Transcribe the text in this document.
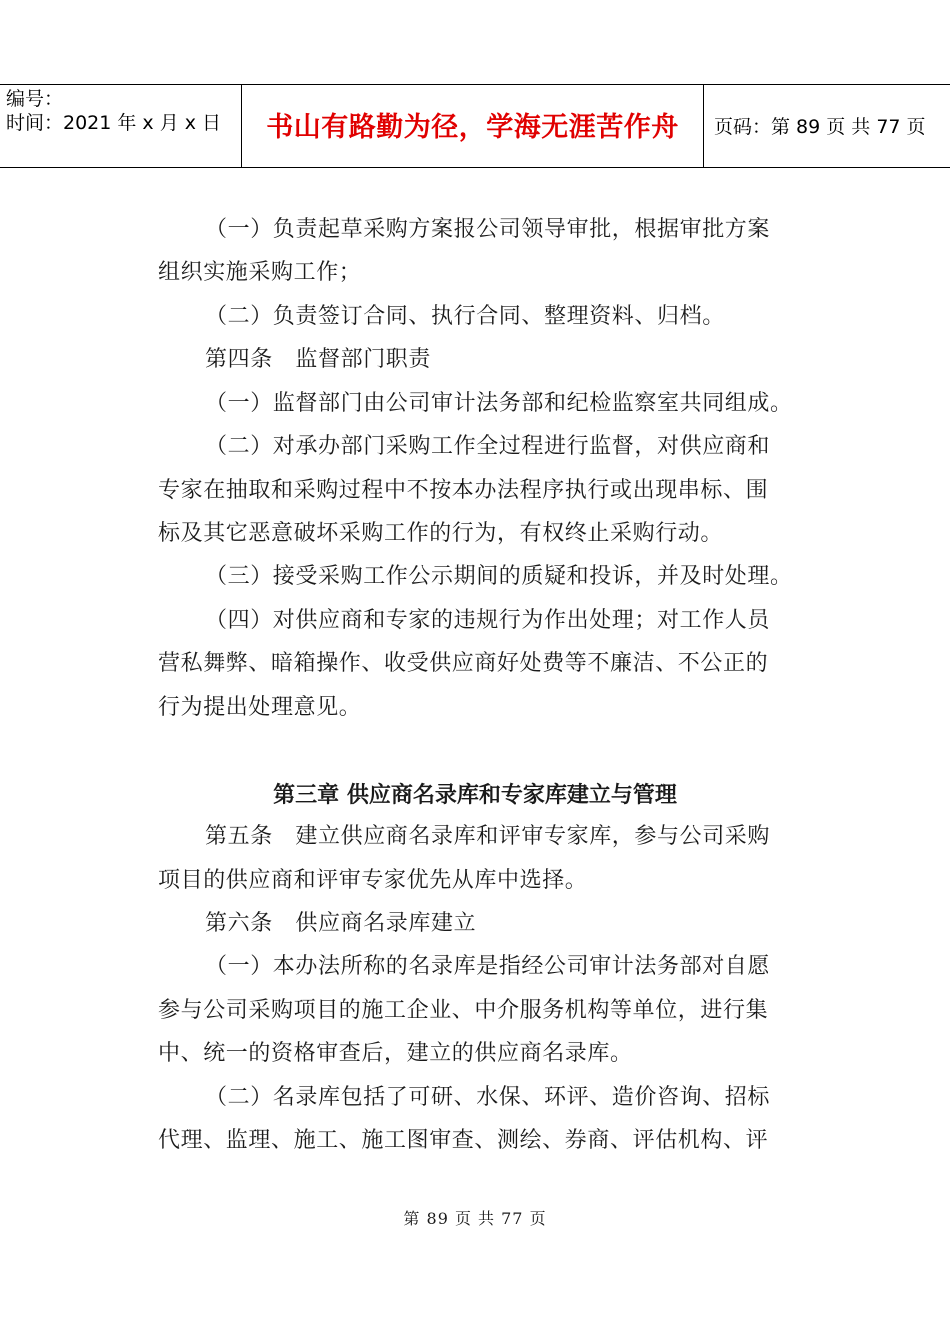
编号：
时间：2021 年 x 月 x 日	书山有路勤为径，学海无涯苦作舟	页码：第 89 页 共 77 页
（一）负责起草采购方案报公司领导审批，根据审批方案
组织实施采购工作；
（二）负责签订合同、执行合同、整理资料、归档。
第四条　监督部门职责
（一）监督部门由公司审计法务部和纪检监察室共同组成。
（二）对承办部门采购工作全过程进行监督，对供应商和
专家在抽取和采购过程中不按本办法程序执行或出现串标、围
标及其它恶意破坏采购工作的行为，有权终止采购行动。
（三）接受采购工作公示期间的质疑和投诉，并及时处理。
（四）对供应商和专家的违规行为作出处理；对工作人员
营私舞弊、暗箱操作、收受供应商好处费等不廉洁、不公正的
行为提出处理意见。
第三章 供应商名录库和专家库建立与管理
第五条　建立供应商名录库和评审专家库，参与公司采购
项目的供应商和评审专家优先从库中选择。
第六条　供应商名录库建立
（一）本办法所称的名录库是指经公司审计法务部对自愿
参与公司采购项目的施工企业、中介服务机构等单位，进行集
中、统一的资格审查后，建立的供应商名录库。
（二）名录库包括了可研、水保、环评、造价咨询、招标
代理、监理、施工、施工图审查、测绘、券商、评估机构、评
第 89 页 共 77 页
